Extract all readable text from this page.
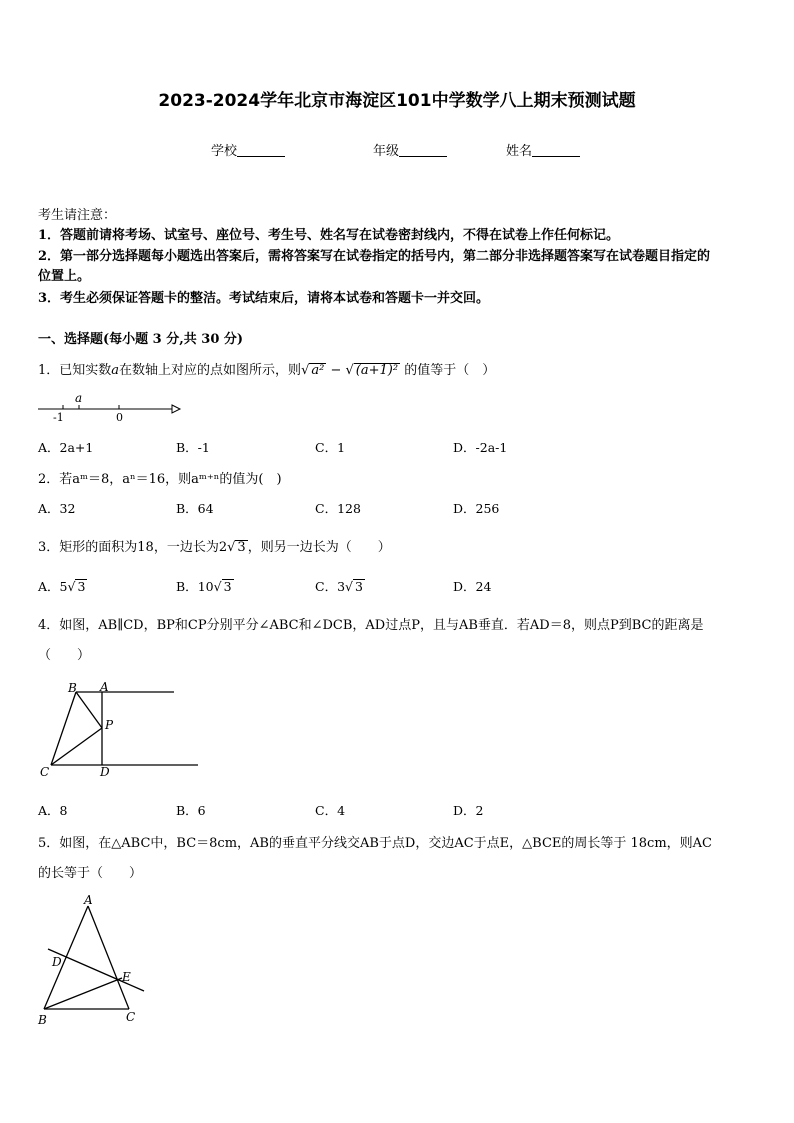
2023-2024学年北京市海淀区101中学数学八上期末预测试题
学校	年级	姓名
考生请注意：
1．答题前请将考场、试室号、座位号、考生号、姓名写在试卷密封线内，不得在试卷上作任何标记。
2．第一部分选择题每小题选出答案后，需将答案写在试卷指定的括号内，第二部分非选择题答案写在试卷题目指定的
位置上。
3．考生必须保证答题卡的整洁。考试结束后，请将本试卷和答题卡一并交回。
一、选择题(每小题 3 分,共 30 分)
1．已知实数a在数轴上对应的点如图所示，则√ a² − √ (a+1)² 的值等于（　）
a
-1	0
A．2a+1	B．-1	C．1	D．-2a-1
2．若aᵐ＝8，aⁿ＝16，则aᵐ⁺ⁿ的值为(　)
A．32	B．64	C．128	D．256
3．矩形的面积为18，一边长为2√ 3 ，则另一边长为（　　）
A．5√ 3	B．10√ 3	C．3√ 3	D．24
4．如图，AB∥CD，BP和CP分别平分∠ABC和∠DCB，AD过点P，且与AB垂直．若AD＝8，则点P到BC的距离是
（　　）
B A
P
C	D
A．8	B．6	C．4	D．2
5．如图，在△ABC中，BC＝8cm，AB的垂直平分线交AB于点D，交边AC于点E，△BCE的周长等于 18cm，则AC
的长等于（　　）
A
D
E
B	C
